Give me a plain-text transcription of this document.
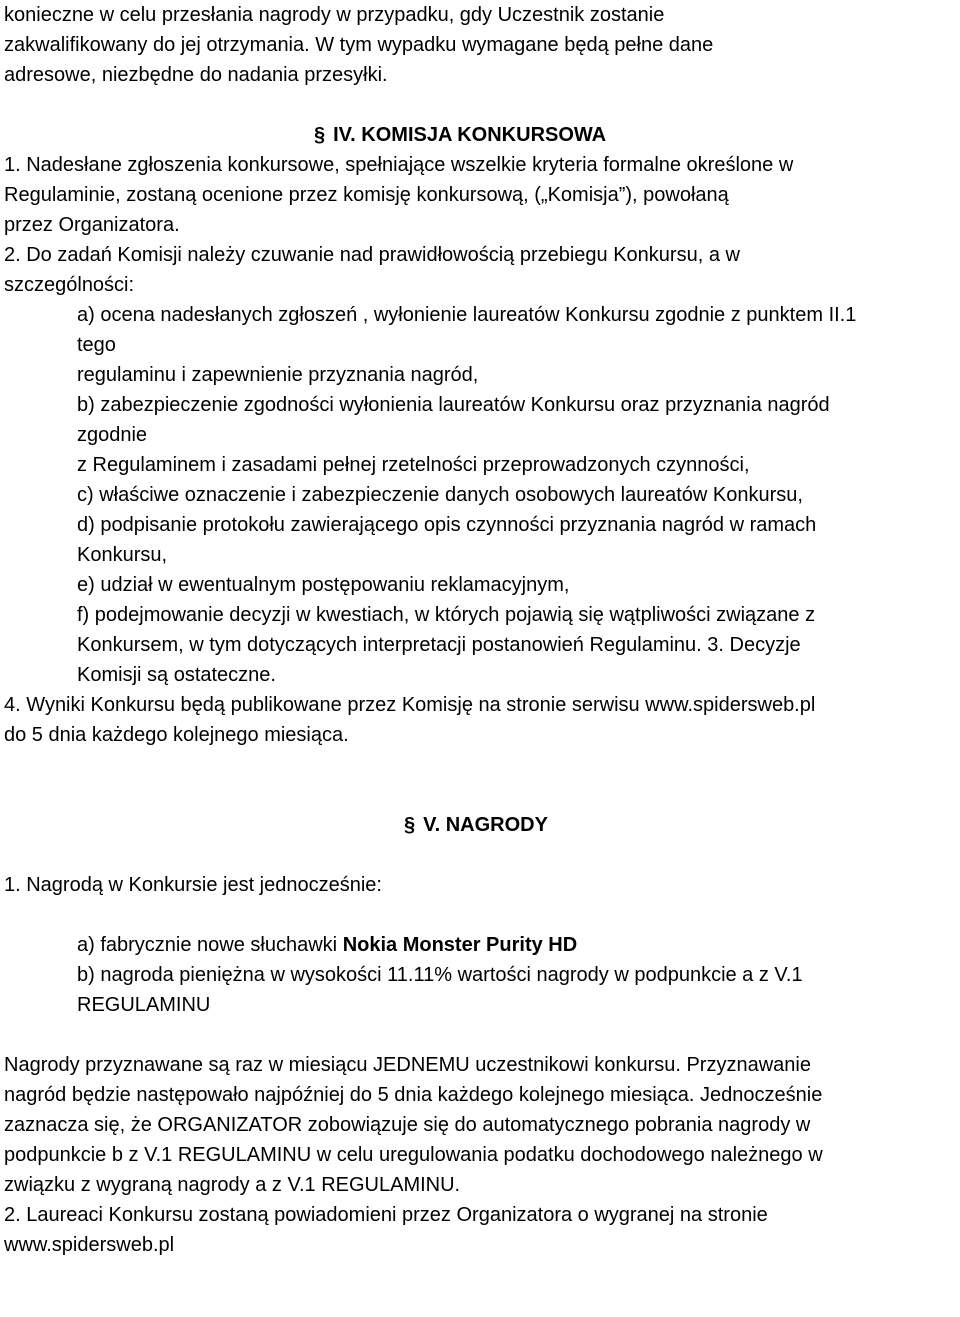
konieczne w celu przesłania nagrody w przypadku, gdy Uczestnik zostanie
zakwalifikowany do jej otrzymania. W tym wypadku wymagane będą pełne dane
adresowe, niezbędne do nadania przesyłki.
§ IV. KOMISJA KONKURSOWA
1. Nadesłane zgłoszenia konkursowe, spełniające wszelkie kryteria formalne określone w
Regulaminie, zostaną ocenione przez komisję konkursową, („Komisja”), powołaną
przez Organizatora.
2. Do zadań Komisji należy czuwanie nad prawidłowością przebiegu Konkursu, a w
szczególności:
a) ocena nadesłanych zgłoszeń , wyłonienie laureatów Konkursu zgodnie z punktem II.1
tego
regulaminu i zapewnienie przyznania nagród,
b) zabezpieczenie zgodności wyłonienia laureatów Konkursu oraz przyznania nagród
zgodnie
z Regulaminem i zasadami pełnej rzetelności przeprowadzonych czynności,
c) właściwe oznaczenie i zabezpieczenie danych osobowych laureatów Konkursu,
d) podpisanie protokołu zawierającego opis czynności przyznania nagród w ramach
Konkursu,
e) udział w ewentualnym postępowaniu reklamacyjnym,
f) podejmowanie decyzji w kwestiach, w których pojawią się wątpliwości związane z
Konkursem, w tym dotyczących interpretacji postanowień Regulaminu. 3. Decyzje
Komisji są ostateczne.
4. Wyniki Konkursu będą publikowane przez Komisję na stronie serwisu www.spidersweb.pl
do 5 dnia każdego kolejnego miesiąca.
§ V. NAGRODY
1. Nagrodą w Konkursie jest jednocześnie:
a) fabrycznie nowe słuchawki Nokia Monster Purity HD
b) nagroda pieniężna w wysokości 11.11% wartości nagrody w podpunkcie a z V.1
REGULAMINU
Nagrody przyznawane są raz w miesiącu JEDNEMU uczestnikowi konkursu. Przyznawanie
nagród będzie następowało najpóźniej do 5 dnia każdego kolejnego miesiąca. Jednocześnie
zaznacza się, że ORGANIZATOR zobowiązuje się do automatycznego pobrania nagrody w
podpunkcie b z V.1 REGULAMINU w celu uregulowania podatku dochodowego należnego w
związku z wygraną nagrody a z V.1 REGULAMINU.
2. Laureaci Konkursu zostaną powiadomieni przez Organizatora o wygranej na stronie
www.spidersweb.pl
